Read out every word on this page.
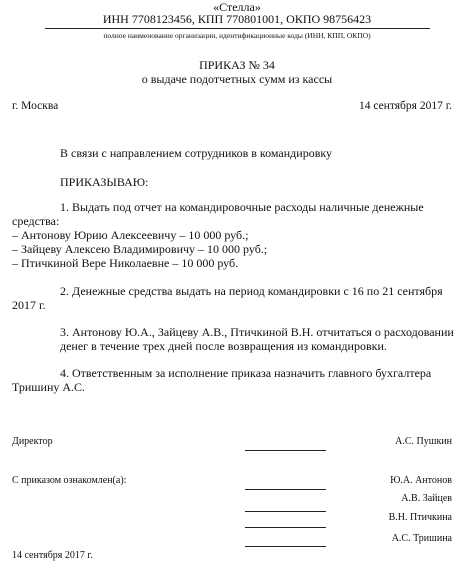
«Стелла»
ИНН 7708123456, КПП 770801001, ОКПО 98756423
полное наименование организации, идентификационные коды (ИНН, КПП, ОКПО)
ПРИКАЗ № 34
о выдаче подотчетных сумм из кассы
г. Москва	14 сентября 2017 г.
В связи с направлением сотрудников в командировку
ПРИКАЗЫВАЮ:
1. Выдать под отчет на командировочные расходы наличные денежные
средства:
– Антонову Юрию Алексеевичу – 10 000 руб.;
– Зайцеву Алексею Владимировичу – 10 000 руб.;
– Птичкиной Вере Николаевне – 10 000 руб.
2. Денежные средства выдать на период командировки с 16 по 21 сентября
2017 г.
3. Антонову Ю.А., Зайцеву А.В., Птичкиной В.Н. отчитаться о расходовании
денег в течение трех дней после возвращения из командировки.
4. Ответственным за исполнение приказа назначить главного бухгалтера
Тришину А.С.
Директор	А.С. Пушкин
С приказом ознакомлен(а):	Ю.А. Антонов
А.В. Зайцев
В.Н. Птичкина
А.С. Тришина
14 сентября 2017 г.
